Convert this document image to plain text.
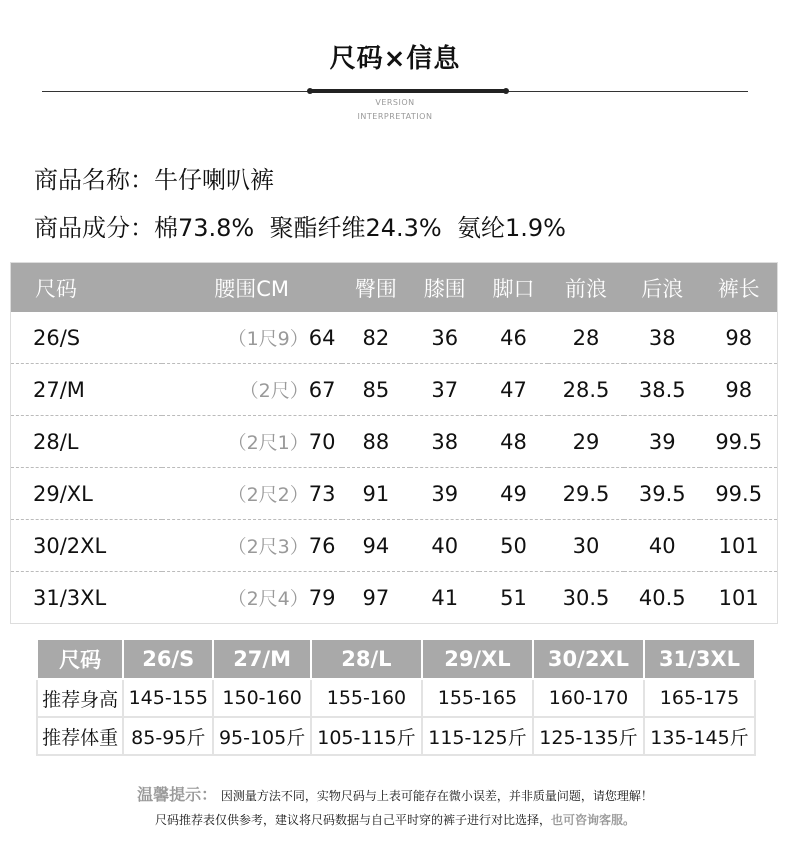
尺码×信息
VERSION
INTERPRETATION
商品名称：牛仔喇叭裤
商品成分：棉73.8%  聚酯纤维24.3%  氨纶1.9%
尺码	腰围CM	臀围	膝围	脚口	前浪	后浪	裤长
26/S	（1尺9）64	82	36	46	28	38	98
27/M	（2尺）67	85	37	47	28.5	38.5	98
28/L	（2尺1）70	88	38	48	29	39	99.5
29/XL	（2尺2）73	91	39	49	29.5	39.5	99.5
30/2XL	（2尺3）76	94	40	50	30	40	101
31/3XL	（2尺4）79	97	41	51	30.5	40.5	101
尺码	26/S	27/M	28/L	29/XL	30/2XL	31/3XL
推荐身高	145-155	150-160	155-160	155-165	160-170	165-175
推荐体重	85-95斤	95-105斤	105-115斤	115-125斤	125-135斤	135-145斤
温馨提示： 因测量方法不同，实物尺码与上表可能存在微小误差，并非质量问题，请您理解！
尺码推荐表仅供参考，建议将尺码数据与自己平时穿的裤子进行对比选择，也可咨询客服。
